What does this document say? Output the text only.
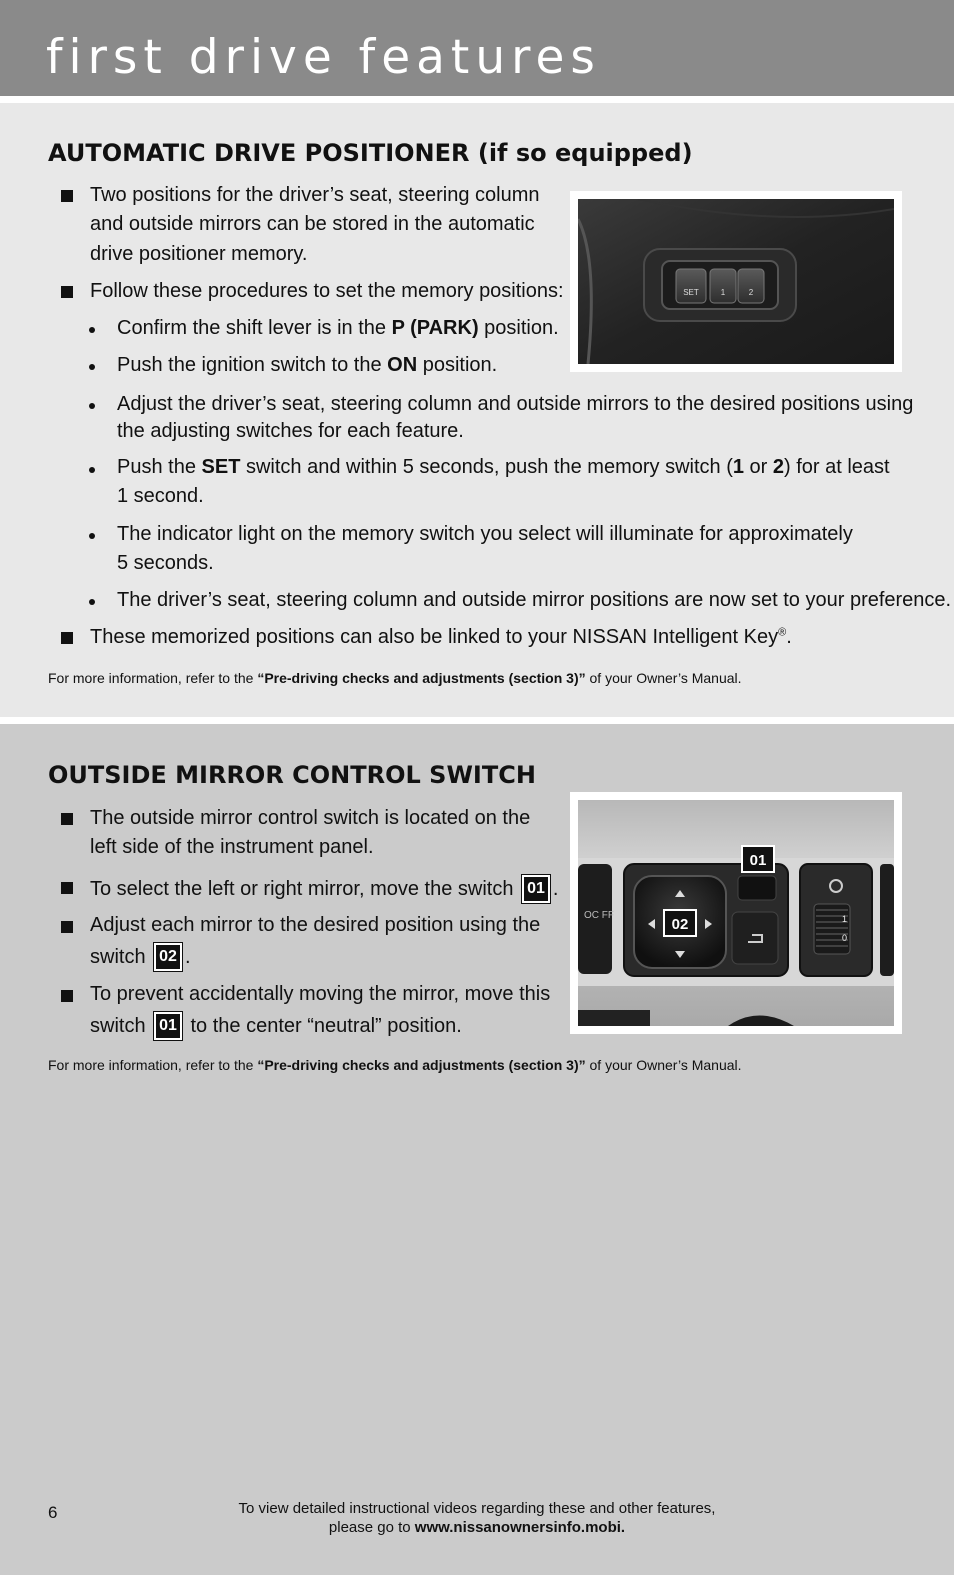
first drive features
AUTOMATIC DRIVE POSITIONER (if so equipped)
Two positions for the driver’s seat, steering column
and outside mirrors can be stored in the automatic
drive positioner memory.
Follow these procedures to set the memory positions:
Confirm the shift lever is in the P (PARK) position.
Push the ignition switch to the ON position.
Adjust the driver’s seat, steering column and outside mirrors to the desired positions using
the adjusting switches for each feature.
Push the SET switch and within 5 seconds, push the memory switch (1 or 2) for at least
1 second.
The indicator light on the memory switch you select will illuminate for approximately
5 seconds.
The driver’s seat, steering column and outside mirror positions are now set to your preference.
These memorized positions can also be linked to your NISSAN Intelligent Key®.
For more information, refer to the “Pre-driving checks and adjustments (section 3)” of your Owner’s Manual.
SET	1	2
OUTSIDE MIRROR CONTROL SWITCH
The outside mirror control switch is located on the
left side of the instrument panel.
To select the left or right mirror, move the switch 01 .
Adjust each mirror to the desired position using the
switch 02 .
To prevent accidentally moving the mirror, move this
switch 01 to the center “neutral” position.
For more information, refer to the “Pre-driving checks and adjustments (section 3)” of your Owner’s Manual.
OC FF	1
0
01
02
6	To view detailed instructional videos regarding these and other features,
please go to www.nissanownersinfo.mobi.
